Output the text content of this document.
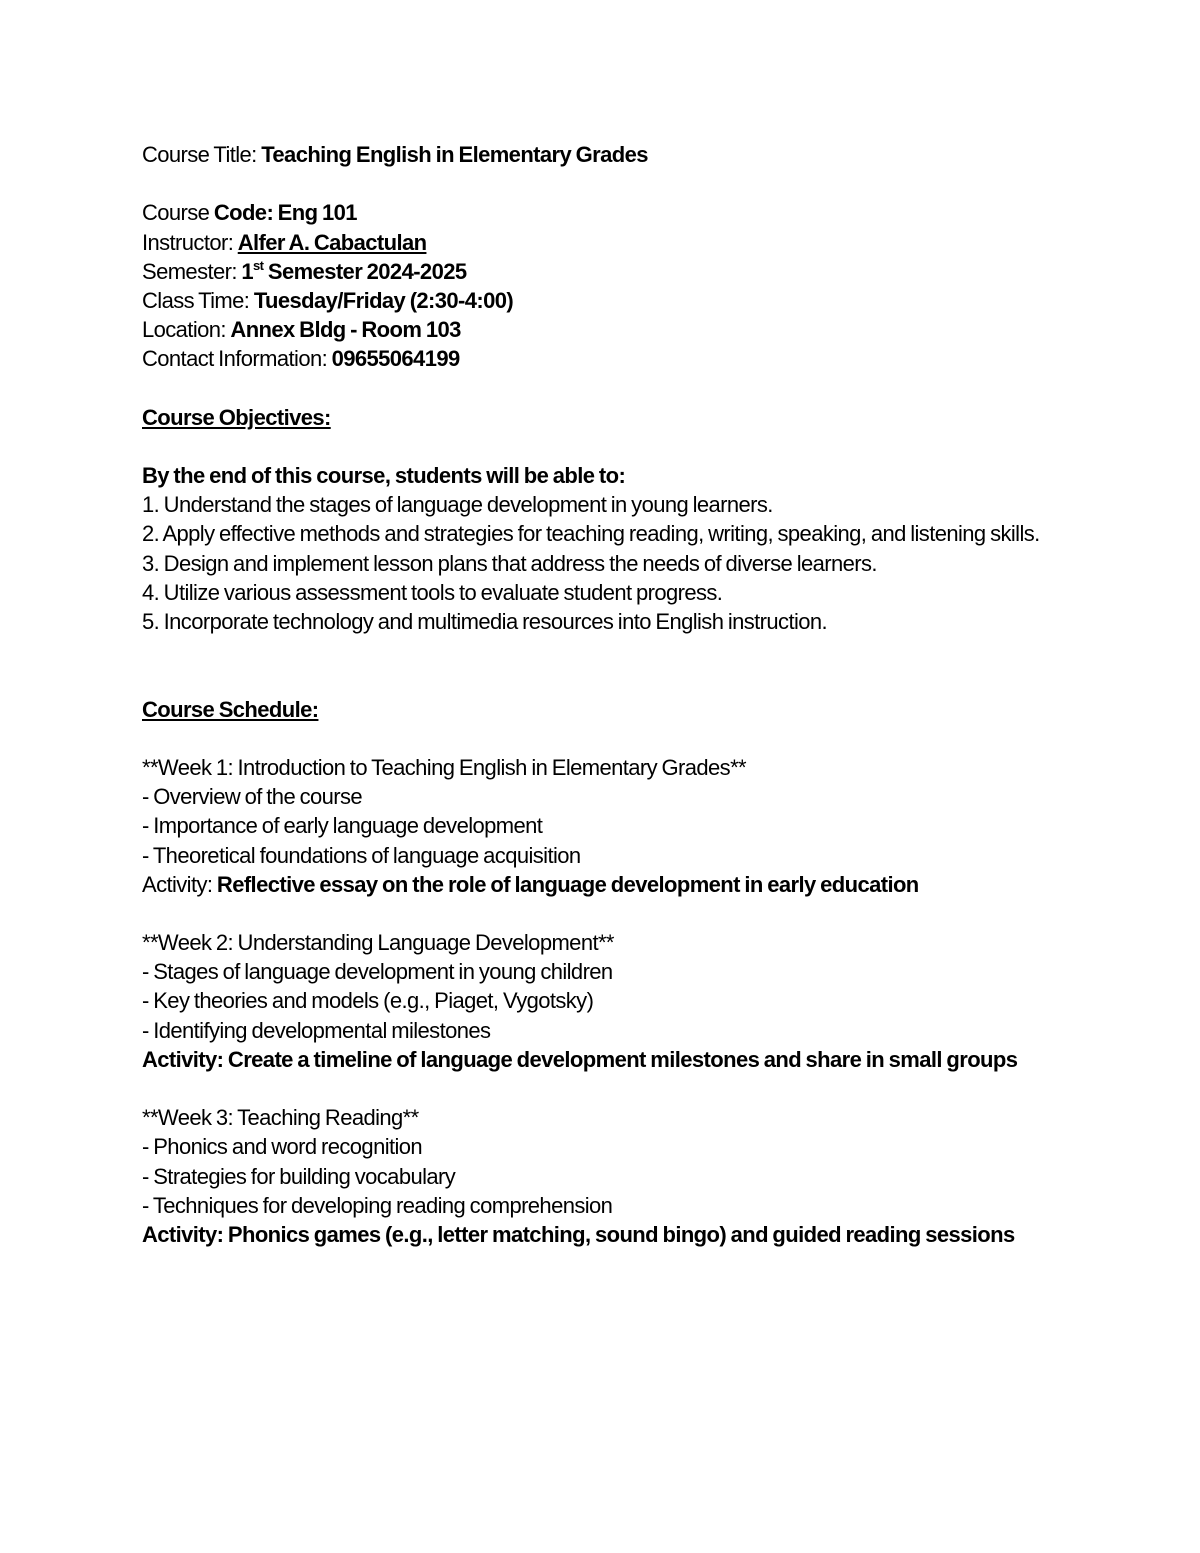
Course Title: Teaching English in Elementary Grades
Course Code: Eng 101
Instructor: Alfer A. Cabactulan
Semester: 1st Semester 2024-2025
Class Time: Tuesday/Friday (2:30-4:00)
Location: Annex Bldg - Room 103
Contact Information: 09655064199
Course Objectives:
By the end of this course, students will be able to:
1. Understand the stages of language development in young learners.
2. Apply effective methods and strategies for teaching reading, writing, speaking, and listening skills.
3. Design and implement lesson plans that address the needs of diverse learners.
4. Utilize various assessment tools to evaluate student progress.
5. Incorporate technology and multimedia resources into English instruction.
Course Schedule:
**Week 1: Introduction to Teaching English in Elementary Grades**
- Overview of the course
- Importance of early language development
- Theoretical foundations of language acquisition
Activity: Reflective essay on the role of language development in early education
**Week 2: Understanding Language Development**
- Stages of language development in young children
- Key theories and models (e.g., Piaget, Vygotsky)
- Identifying developmental milestones
Activity: Create a timeline of language development milestones and share in small groups
**Week 3: Teaching Reading**
- Phonics and word recognition
- Strategies for building vocabulary
- Techniques for developing reading comprehension
Activity: Phonics games (e.g., letter matching, sound bingo) and guided reading sessions
